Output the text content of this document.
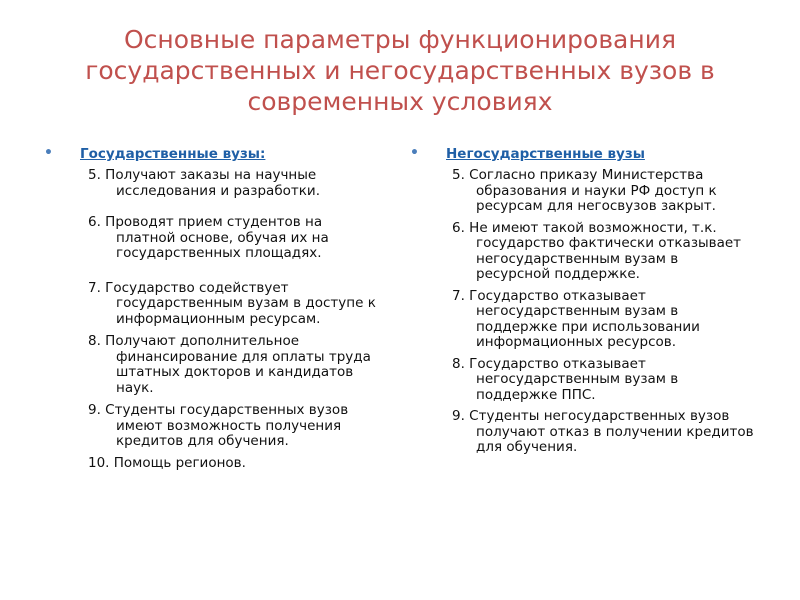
Основные параметры функционирования государственных и негосударственных вузов в современных условиях
• Государственные вузы:
5. Получают заказы на научные исследования и разработки.
6. Проводят прием студентов на платной основе, обучая их на государственных площадях.
7. Государство содействует государственным вузам в доступе к информационным ресурсам.
8. Получают дополнительное финансирование для оплаты труда штатных докторов и кандидатов наук.
9. Студенты государственных вузов имеют возможность получения кредитов для обучения.
10. Помощь регионов.
• Негосударственные вузы
5. Согласно приказу Министерства образования и науки РФ доступ к ресурсам для негосвузов закрыт.
6. Не имеют такой возможности, т.к. государство фактически отказывает негосударственным вузам в ресурсной поддержке.
7. Государство отказывает негосударственным вузам в поддержке при использовании информационных ресурсов.
8. Государство отказывает негосударственным вузам в поддержке ППС.
9. Студенты негосударственных вузов получают отказ в получении кредитов для обучения.
